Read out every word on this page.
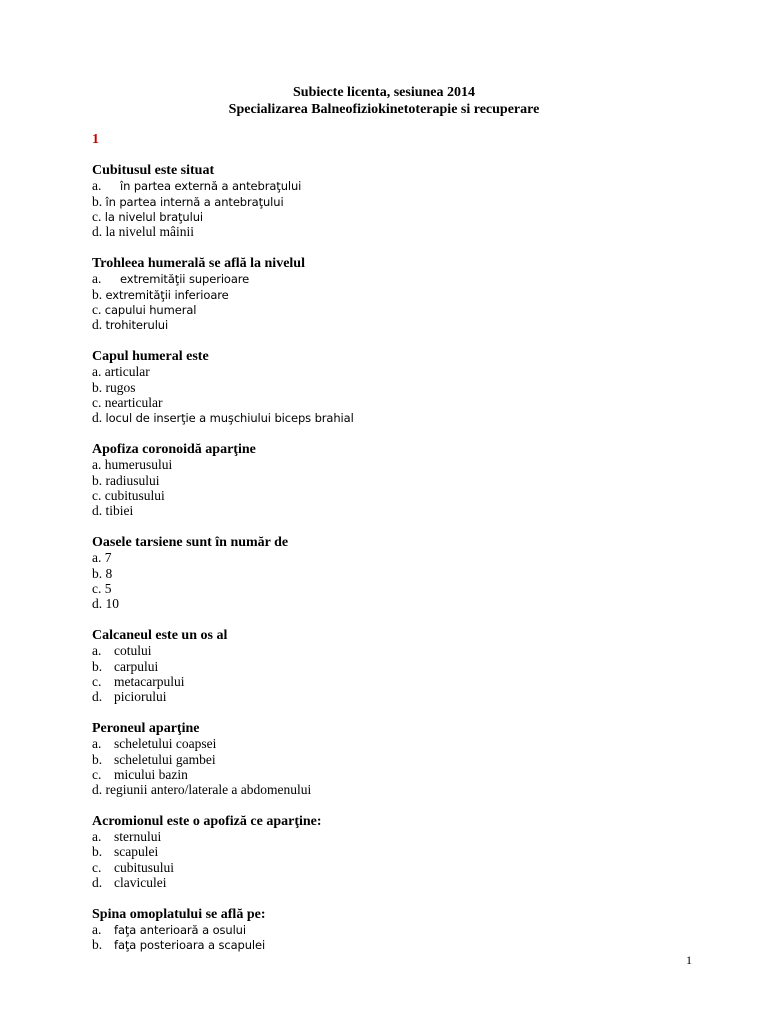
Subiecte licenta, sesiunea 2014
Specializarea Balneofiziokinetoterapie si recuperare
1
Cubitusul este situat
a. în partea externă a antebraţului
b. în partea internă a antebraţului
c. la nivelul braţului
d. la nivelul mâinii
Trohleea humerală se află la nivelul
a. extremităţii superioare
b. extremităţii inferioare
c. capului humeral
d. trohiterului
Capul humeral este
a. articular
b. rugos
c. nearticular
d. locul de inserţie a muşchiului biceps brahial
Apofiza coronoidă aparţine
a. humerusului
b. radiusului
c. cubitusului
d. tibiei
Oasele tarsiene sunt în număr de
a. 7
b. 8
c. 5
d. 10
Calcaneul este un os al
a. cotului
b. carpului
c. metacarpului
d. piciorului
Peroneul aparţine
a. scheletului coapsei
b. scheletului gambei
c. micului bazin
d. regiunii antero/laterale a abdomenului
Acromionul este o apofiză ce aparţine:
a. sternului
b. scapulei
c. cubitusului
d. claviculei
Spina omoplatului se află pe:
a. faţa anterioară a osului
b. faţa posterioara a scapulei
1
